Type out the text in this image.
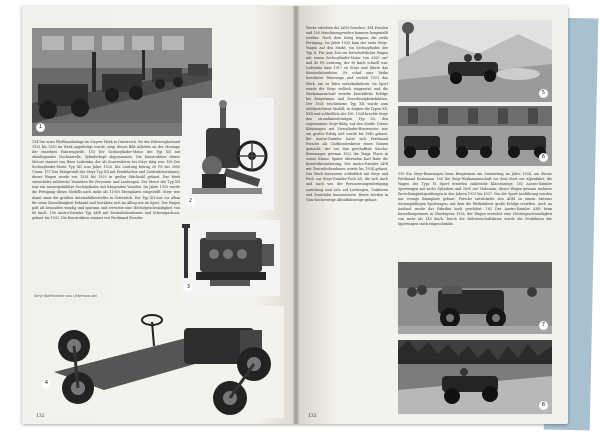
1
2

154 Die erste Fließbandanlage im Steyrer Werk in Österreich. Wo der Fahrzeugbestand 1925 bis 1930 im Werk angefertigt wurde, zeigt dieses Bild Arbeiter an der Montage der einzelnen Fahrzeugteile. 155 Der Sechszylinder-Motor des Typ XII mit obenliegender Nockenwelle, Zylinderkopf abgenommen. Die Konstruktion dieses Motors stammt von Hans Ledwinka, der als Konstrukteur bei Steyr tätig war. 156 Der Sechszylinder-Motor Typ XII vom Jahre 1926. Die Leistung betrug 30 PS bei 3000 U/min. 157 Das Fahrgestell des Steyr Typ XII mit Pendelachse und Zentralrohrrahmen; dieser Wagen wurde von 1926 bis 1929 in großer Stückzahl gebaut. Das Werk entwickelte zahlreiche Varianten für Personen- und Lastwagen. Der Motor des Typ XII war ein wassergekühlter Sechszylinder mit hängenden Ventilen. Im Jahre 1929 wurde die Fertigung dieses Modells nach mehr als 11000 Exemplaren eingestellt. Steyr war damit einer der größten Automobilhersteller in Österreich. Der Typ XII war vor allem für seine Zuverlässigkeit bekannt und bewährte sich im Alltag wie im Sport. Der Wagen galt als besonders wendig und sparsam und erreichte eine Höchstgeschwindigkeit von 80 km/h. 158 Austro-Daimler Typ ADR mit Zentralrohrrahmen und Schwingachsen, gebaut bis 1932. Die Konstruktion stammt von Ferdinand Porsche.

3
Steyr Waffenräder aus Unterhaus bei
4
132

Werke erhielten die ADM-Gewehre; 384 Pistolen und 100 Maschinengewehre konnten hergestellt werden. Nach dem Krieg begann die zivile Fertigung. Im Jahre 1920 kam der erste Steyr-Wagen auf den Markt, ein Sechszylinder, der Typ II. Für jene Zeit ein fortschrittlicher Wagen mit einem Sechszylinder-Motor von 3300 cm³ und 40 PS Leistung, der 90 km/h schnell war. Ledwinka kam 1917 zu Steyr und führte das Konstruktionsbüro. Er schuf eine Reihe bewährter Fahrzeuge und verließ 1921 das Werk, um zu Tatra zurückzukehren. Im Sport wurde der Steyr vielfach eingesetzt, und die Werksmannschaft erzielte beachtliche Erfolge bei Bergrennen und Zuverlässigkeitsfahrten. Der 1926 erschienene Typ XII wurde zum erfolgreichsten Modell; es folgten die Typen XX, XXX und schließlich der 100. 1934 brachte Steyr den stromlinienförmigen Typ 50, den sogenannten Steyr-Baby, auf den Markt. Dieser Kleinwagen mit Vierzylinder-Boxermotor war ein großer Erfolg und wurde bis 1940 gebaut. Bei Austro-Daimler hatte sich Ferdinand Porsche als Chefkonstrukteur einen Namen gemacht; der von ihm geschaffene Sascha-Rennwagen gewann 1922 die Targa Florio in seiner Klasse. Später übernahm Karl Rabe die Konstruktionsleitung. Der Austro-Daimler ADR mit Zentralrohrrahmen wurde bis 1934 gebaut. Das Werk fusionierte schließlich mit Steyr und Puch zur Steyr-Daimler-Puch AG, die sich nach und nach von der Personenwagenfertigung zurückzog und sich auf Lastwagen, Traktoren und Zweiräder konzentrierte. Heute werden in Graz hochwertige Allradfahrzeuge gebaut.

5
6

159 Ein Steyr-Rennwagen beim Bergrennen am Semmering im Jahre 1924, am Steuer Ferdinand Hartmann. 160 Die Steyr-Werksmannschaft vor dem Start zur Alpenfahrt; die Wagen des Typs VI Sport erzielten zahlreiche Klassensiege. 161 Austro-Daimler Sportwagen mit sechs Zylindern und 3000 cm³ Hubraum; dieser Wagen gewann mehrere Zuverlässigkeitsprüfungen in den Jahren 1925 bis 1927. Von der Sport-Ausführung wurden nur wenige Exemplare gebaut. Porsche entwickelte den ADM zu einem überaus leistungsfähigen Sportwagen, mit dem die Werksfahrer große Erfolge erzielten. Auch im Ausland wurde das Fabrikat hoch geschätzt. 162 Der Austro-Daimler ADR beim Kesselbergrennen in Oberbayern 1928; der Wagen erreichte eine Höchstgeschwindigkeit von mehr als 140 km/h. Durch die Weltwirtschaftskrise wurde die Produktion der Sportwagen stark eingeschränkt.

7
8
133
